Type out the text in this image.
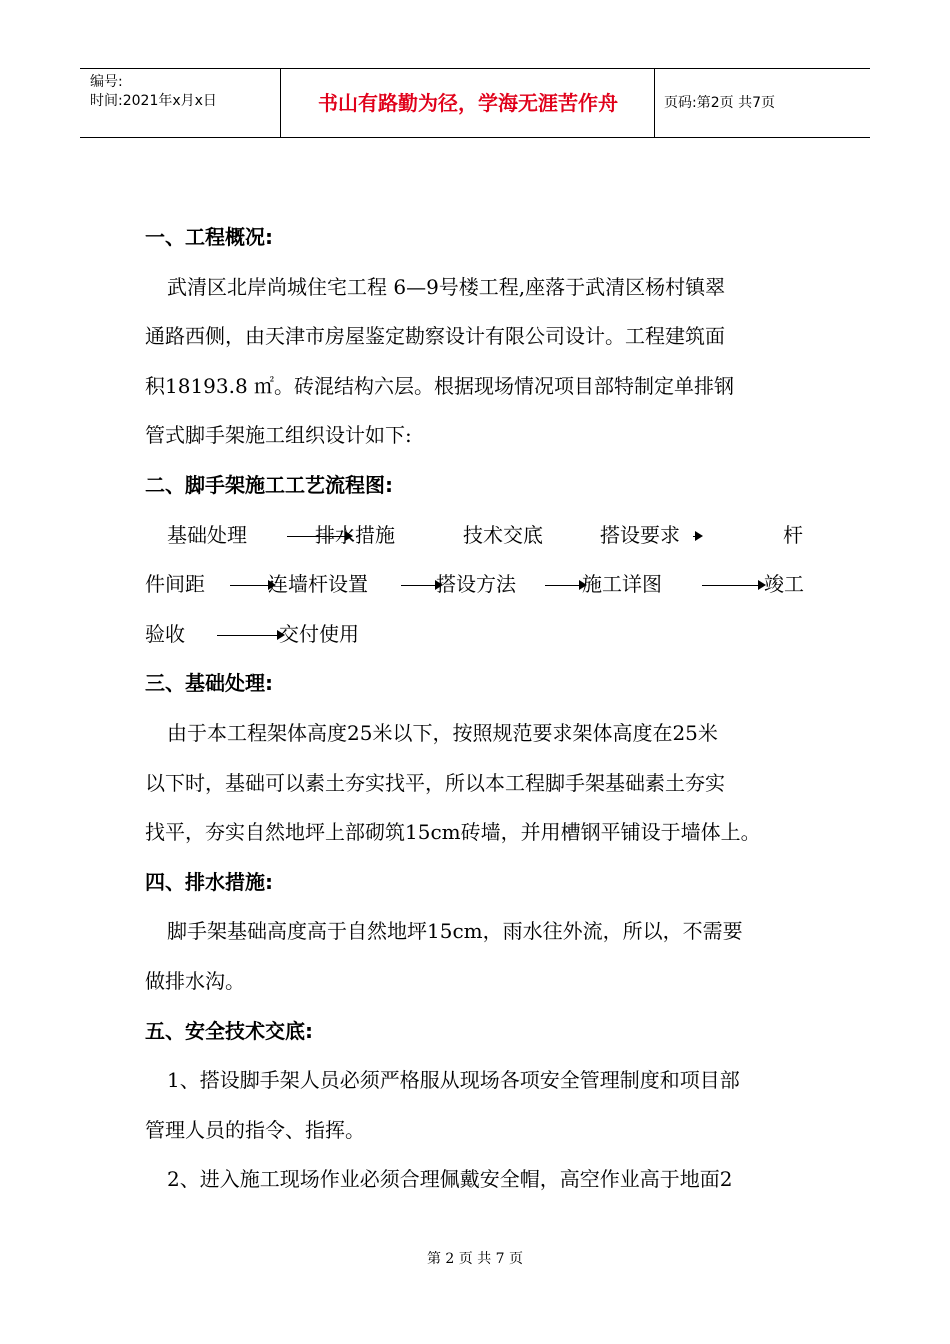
编号:
时间:2021年x月x日	书山有路勤为径，学海无涯苦作舟	页码:第2页 共7页
一、工程概况:
武清区北岸尚城住宅工程 6—9号楼工程,座落于武清区杨村镇翠
通路西侧，由天津市房屋鉴定勘察设计有限公司设计。工程建筑面
积18193.8 ㎡。砖混结构六层。根据现场情况项目部特制定单排钢
管式脚手架施工组织设计如下:
二、脚手架施工工艺流程图:
基础处理	排水措施	技术交底	搭设要求	杆
件间距	连墙杆设置	搭设方法	施工详图	竣工
验收	交付使用
三、基础处理:
由于本工程架体高度25米以下，按照规范要求架体高度在25米
以下时，基础可以素土夯实找平，所以本工程脚手架基础素土夯实
找平，夯实自然地坪上部砌筑15cm砖墙，并用槽钢平铺设于墙体上。
四、排水措施:
脚手架基础高度高于自然地坪15cm，雨水往外流，所以，不需要
做排水沟。
五、安全技术交底:
1、搭设脚手架人员必须严格服从现场各项安全管理制度和项目部
管理人员的指令、指挥。
2、进入施工现场作业必须合理佩戴安全帽，高空作业高于地面2
第 2 页 共 7 页
